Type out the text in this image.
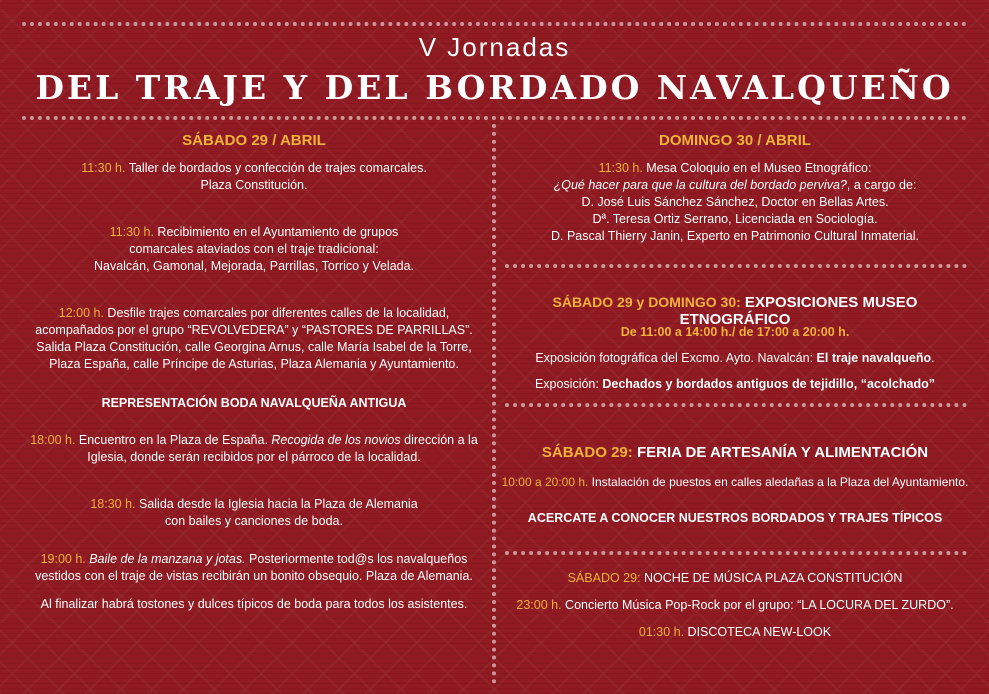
V Jornadas
DEL TRAJE Y DEL BORDADO NAVALQUEÑO
SÁBADO 29 / ABRIL
11:30 h. Taller de bordados y confección de trajes comarcales.
Plaza Constitución.
11:30 h. Recibimiento en el Ayuntamiento de grupos
comarcales ataviados con el traje tradicional:
Navalcán, Gamonal, Mejorada, Parrillas, Torrico y Velada.
12:00 h. Desfile trajes comarcales por diferentes calles de la localidad,
acompañados por el grupo “REVOLVEDERA” y “PASTORES DE PARRILLAS”.
Salida Plaza Constitución, calle Georgina Arnus, calle María Isabel de la Torre,
Plaza España, calle Príncipe de Asturias, Plaza Alemania y Ayuntamiento.
REPRESENTACIÓN BODA NAVALQUEÑA ANTIGUA
18:00 h. Encuentro en la Plaza de España. Recogida de los novios dirección a la
Iglesia, donde serán recibidos por el párroco de la localidad.
18:30 h. Salida desde la Iglesia hacia la Plaza de Alemania
con bailes y canciones de boda.
19:00 h. Baile de la manzana y jotas. Posteriormente tod@s los navalqueños
vestidos con el traje de vistas recibirán un bonito obsequio. Plaza de Alemania.
Al finalizar habrá tostones y dulces típicos de boda para todos los asistentes.
DOMINGO 30 / ABRIL
11:30 h. Mesa Coloquio en el Museo Etnográfico:
¿Qué hacer para que la cultura del bordado perviva?, a cargo de:
D. José Luis Sánchez Sánchez, Doctor en Bellas Artes.
Dª. Teresa Ortiz Serrano, Licenciada en Sociología.
D. Pascal Thierry Janin, Experto en Patrimonio Cultural Inmaterial.
SÁBADO 29 y DOMINGO 30: EXPOSICIONES MUSEO ETNOGRÁFICO
De 11:00 a 14:00 h./ de 17:00 a 20:00 h.
Exposición fotográfica del Excmo. Ayto. Navalcán: El traje navalqueño.
Exposición: Dechados y bordados antiguos de tejidillo, “acolchado”
SÁBADO 29: FERIA DE ARTESANÍA Y ALIMENTACIÓN
10:00 a 20:00 h. Instalación de puestos en calles aledañas a la Plaza del Ayuntamiento.
ACERCATE A CONOCER NUESTROS BORDADOS Y TRAJES TÍPICOS
SÁBADO 29: NOCHE DE MÚSICA PLAZA CONSTITUCIÓN
23:00 h. Concierto Música Pop-Rock por el grupo: “LA LOCURA DEL ZURDO”.
01:30 h. DISCOTECA NEW-LOOK
